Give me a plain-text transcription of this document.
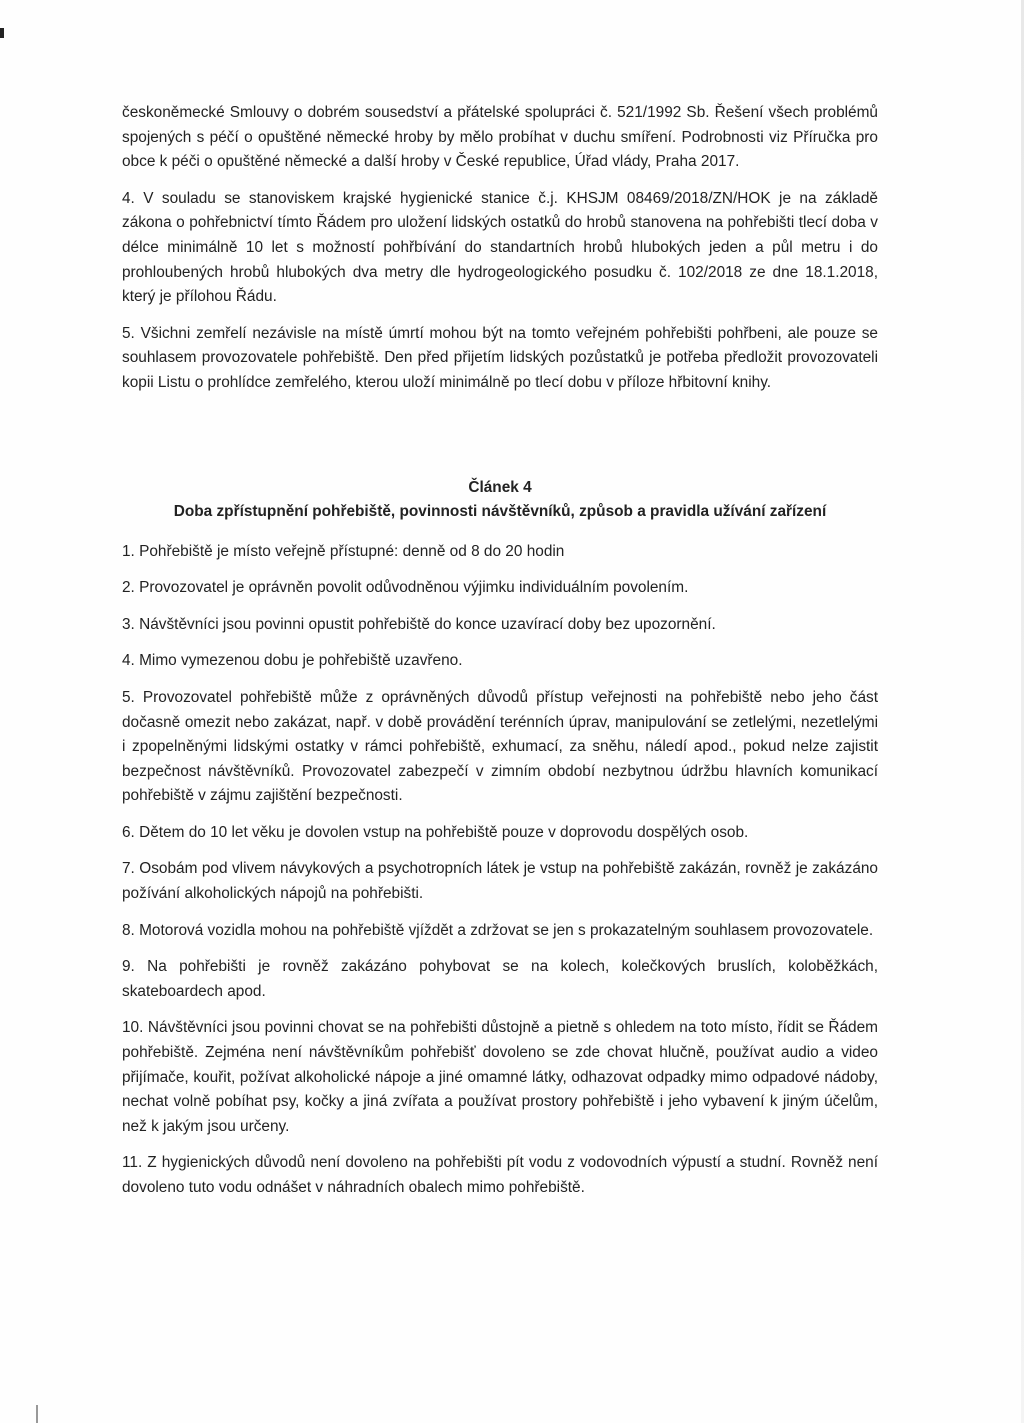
českoněmecké Smlouvy o dobrém sousedství a přátelské spolupráci č. 521/1992 Sb. Řešení všech problémů spojených s péčí o opuštěné německé hroby by mělo probíhat v duchu smíření. Podrobnosti viz Příručka pro obce k péči o opuštěné německé a další hroby v České republice, Úřad vlády, Praha 2017.

4. V souladu se stanoviskem krajské hygienické stanice č.j. KHSJM 08469/2018/ZN/HOK je na základě zákona o pohřebnictví tímto Řádem pro uložení lidských ostatků do hrobů stanovena na pohřebišti tlecí doba v délce minimálně 10 let s možností pohřbívání do standartních hrobů hlubokých jeden a půl metru i do prohloubených hrobů hlubokých dva metry dle hydrogeologického posudku č. 102/2018 ze dne 18.1.2018, který je přílohou Řádu.

5. Všichni zemřelí nezávisle na místě úmrtí mohou být na tomto veřejném pohřebišti pohřbeni, ale pouze se souhlasem provozovatele pohřebiště. Den před přijetím lidských pozůstatků je potřeba předložit provozovateli kopii Listu o prohlídce zemřelého, kterou uloží minimálně po tlecí dobu v příloze hřbitovní knihy.

Článek 4
Doba zpřístupnění pohřebiště, povinnosti návštěvníků, způsob a pravidla užívání zařízení

1. Pohřebiště je místo veřejně přístupné: denně od 8 do 20 hodin

2. Provozovatel je oprávněn povolit odůvodněnou výjimku individuálním povolením.

3. Návštěvníci jsou povinni opustit pohřebiště do konce uzavírací doby bez upozornění.

4. Mimo vymezenou dobu je pohřebiště uzavřeno.

5. Provozovatel pohřebiště může z oprávněných důvodů přístup veřejnosti na pohřebiště nebo jeho část dočasně omezit nebo zakázat, např. v době provádění terénních úprav, manipulování se zetlelými, nezetlelými i zpopelněnými lidskými ostatky v rámci pohřebiště, exhumací, za sněhu, náledí apod., pokud nelze zajistit bezpečnost návštěvníků. Provozovatel zabezpečí v zimním období nezbytnou údržbu hlavních komunikací pohřebiště v zájmu zajištění bezpečnosti.

6. Dětem do 10 let věku je dovolen vstup na pohřebiště pouze v doprovodu dospělých osob.

7. Osobám pod vlivem návykových a psychotropních látek je vstup na pohřebiště zakázán, rovněž je zakázáno požívání alkoholických nápojů na pohřebišti.

8. Motorová vozidla mohou na pohřebiště vjíždět a zdržovat se jen s prokazatelným souhlasem provozovatele.

9. Na pohřebišti je rovněž zakázáno pohybovat se na kolech, kolečkových bruslích, koloběžkách, skateboardech apod.

10. Návštěvníci jsou povinni chovat se na pohřebišti důstojně a pietně s ohledem na toto místo, řídit se Řádem pohřebiště. Zejména není návštěvníkům pohřebišť dovoleno se zde chovat hlučně, používat audio a video přijímače, kouřit, požívat alkoholické nápoje a jiné omamné látky, odhazovat odpadky mimo odpadové nádoby, nechat volně pobíhat psy, kočky a jiná zvířata a používat prostory pohřebiště i jeho vybavení k jiným účelům, než k jakým jsou určeny.

11. Z hygienických důvodů není dovoleno na pohřebišti pít vodu z vodovodních výpustí a studní. Rovněž není dovoleno tuto vodu odnášet v náhradních obalech mimo pohřebiště.
